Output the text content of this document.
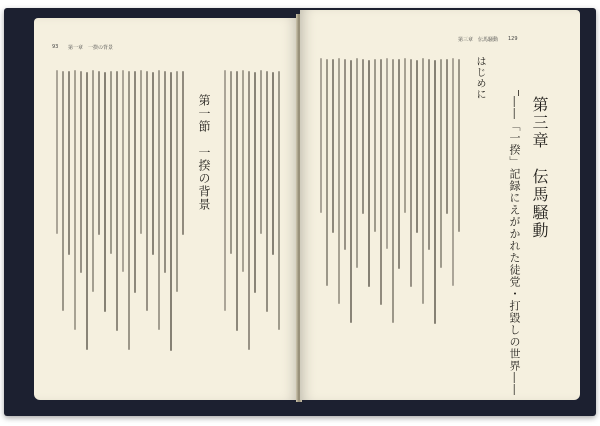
93 第一章　一揆の背景
第一節　一揆の背景
第三章　伝馬騒動 129
はじめに
――「一揆」記録にえがかれた徒党・打毀しの世界―― 第三章　伝馬騒動
